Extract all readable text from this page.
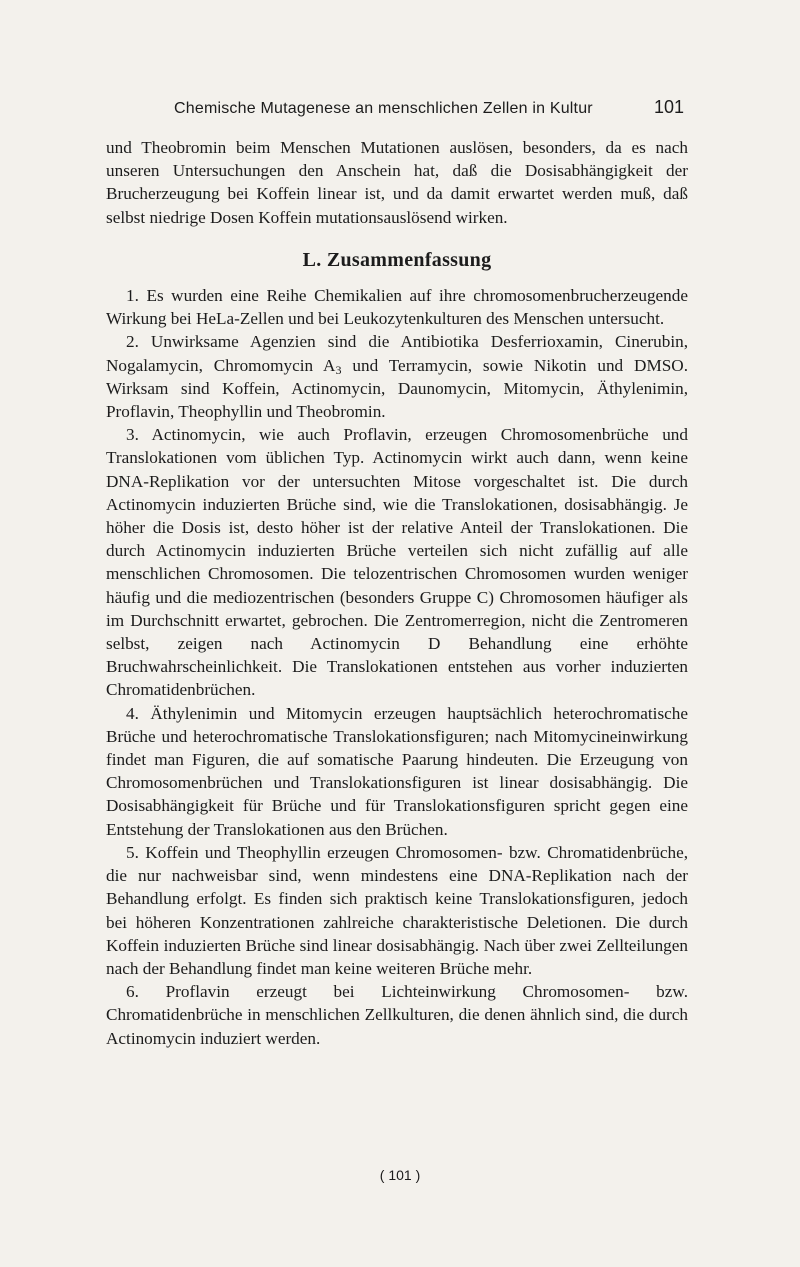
Chemische Mutagenese an menschlichen Zellen in Kultur	101

und Theobromin beim Menschen Mutationen auslösen, besonders, da es nach unseren Untersuchungen den Anschein hat, daß die Dosisabhängigkeit der Brucherzeugung bei Koffein linear ist, und da damit erwartet werden muß, daß selbst niedrige Dosen Koffein mutationsauslösend wirken.

L. Zusammenfassung

1. Es wurden eine Reihe Chemikalien auf ihre chromosomenbrucherzeugende Wirkung bei HeLa-Zellen und bei Leukozytenkulturen des Menschen untersucht.

2. Unwirksame Agenzien sind die Antibiotika Desferrioxamin, Cinerubin, Nogalamycin, Chromomycin $A_3$ und Terramycin, sowie Nikotin und DMSO. Wirksam sind Koffein, Actinomycin, Daunomycin, Mitomycin, Äthylenimin, Proflavin, Theophyllin und Theobromin.

3. Actinomycin, wie auch Proflavin, erzeugen Chromosomenbrüche und Translokationen vom üblichen Typ. Actinomycin wirkt auch dann, wenn keine DNA-Replikation vor der untersuchten Mitose vorgeschaltet ist. Die durch Actinomycin induzierten Brüche sind, wie die Translokationen, dosisabhängig. Je höher die Dosis ist, desto höher ist der relative Anteil der Translokationen. Die durch Actinomycin induzierten Brüche verteilen sich nicht zufällig auf alle menschlichen Chromosomen. Die telozentrischen Chromosomen wurden weniger häufig und die mediozentrischen (besonders Gruppe C) Chromosomen häufiger als im Durchschnitt erwartet, gebrochen. Die Zentromerregion, nicht die Zentromeren selbst, zeigen nach Actinomycin D Behandlung eine erhöhte Bruchwahrscheinlichkeit. Die Translokationen entstehen aus vorher induzierten Chromatidenbrüchen.

4. Äthylenimin und Mitomycin erzeugen hauptsächlich heterochromatische Brüche und heterochromatische Translokationsfiguren; nach Mitomycineinwirkung findet man Figuren, die auf somatische Paarung hindeuten. Die Erzeugung von Chromosomenbrüchen und Translokationsfiguren ist linear dosisabhängig. Die Dosisabhängigkeit für Brüche und für Translokationsfiguren spricht gegen eine Entstehung der Translokationen aus den Brüchen.

5. Koffein und Theophyllin erzeugen Chromosomen- bzw. Chromatidenbrüche, die nur nachweisbar sind, wenn mindestens eine DNA-Replikation nach der Behandlung erfolgt. Es finden sich praktisch keine Translokationsfiguren, jedoch bei höheren Konzentrationen zahlreiche charakteristische Deletionen. Die durch Koffein induzierten Brüche sind linear dosisabhängig. Nach über zwei Zellteilungen nach der Behandlung findet man keine weiteren Brüche mehr.

6. Proflavin erzeugt bei Lichteinwirkung Chromosomen- bzw. Chromatidenbrüche in menschlichen Zellkulturen, die denen ähnlich sind, die durch Actinomycin induziert werden.

( 101 )
